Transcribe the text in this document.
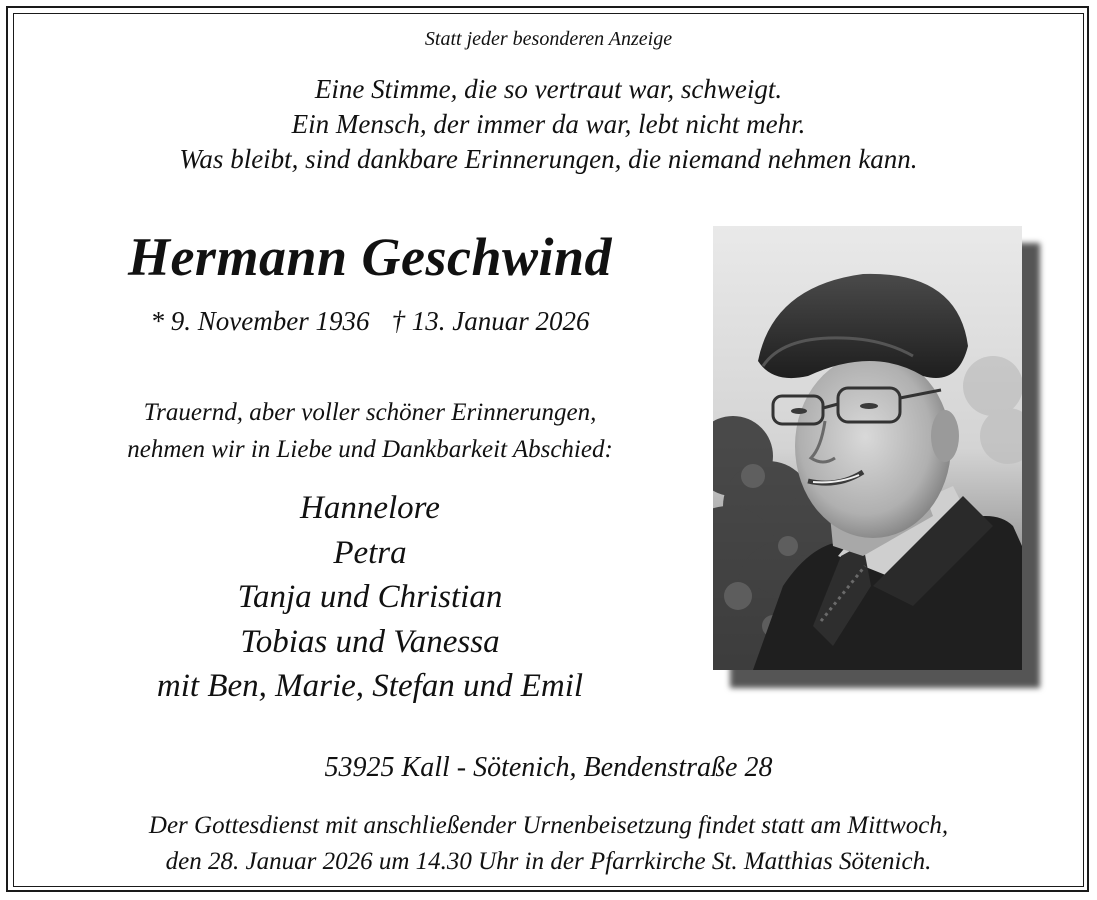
Statt jeder besonderen Anzeige
Eine Stimme, die so vertraut war, schweigt.
Ein Mensch, der immer da war, lebt nicht mehr.
Was bleibt, sind dankbare Erinnerungen, die niemand nehmen kann.
Hermann Geschwind
* 9. November 1936 † 13. Januar 2026
Trauernd, aber voller schöner Erinnerungen,
nehmen wir in Liebe und Dankbarkeit Abschied:
Hannelore
Petra
Tanja und Christian
Tobias und Vanessa
mit Ben, Marie, Stefan und Emil
53925 Kall - Sötenich, Bendenstraße 28
Der Gottesdienst mit anschließender Urnenbeisetzung findet statt am Mittwoch,
den 28. Januar 2026 um 14.30 Uhr in der Pfarrkirche St. Matthias Sötenich.
